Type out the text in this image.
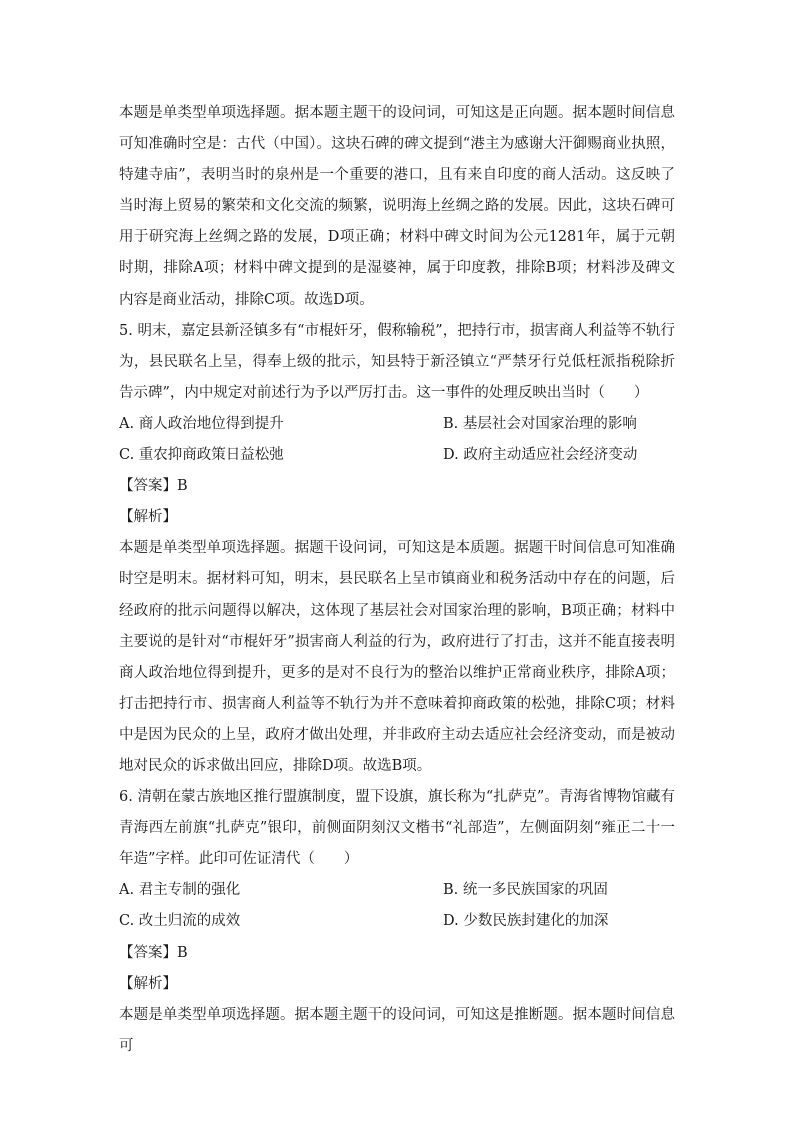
本题是单类型单项选择题。据本题主题干的设问词，可知这是正向题。据本题时间信息可知准确时空是：古代（中国）。这块石碑的碑文提到“港主为感谢大汗御赐商业执照，特建寺庙”，表明当时的泉州是一个重要的港口，且有来自印度的商人活动。这反映了当时海上贸易的繁荣和文化交流的频繁，说明海上丝绸之路的发展。因此，这块石碑可用于研究海上丝绸之路的发展，D项正确；材料中碑文时间为公元1281年，属于元朝时期，排除A项；材料中碑文提到的是湿婆神，属于印度教，排除B项；材料涉及碑文内容是商业活动，排除C项。故选D项。

5. 明末，嘉定县新泾镇多有“市棍奸牙，假称输税”，把持行市，损害商人利益等不轨行为，县民联名上呈，得奉上级的批示，知县特于新泾镇立“严禁牙行兑低枉派指税除折告示碑”，内中规定对前述行为予以严厉打击。这一事件的处理反映出当时（　　）

A. 商人政治地位得到提升	B. 基层社会对国家治理的影响
C. 重农抑商政策日益松弛	D. 政府主动适应社会经济变动

【答案】B

【解析】

本题是单类型单项选择题。据题干设问词，可知这是本质题。据题干时间信息可知准确时空是明末。据材料可知，明末，县民联名上呈市镇商业和税务活动中存在的问题，后经政府的批示问题得以解决，这体现了基层社会对国家治理的影响，B项正确；材料中主要说的是针对“市棍奸牙”损害商人利益的行为，政府进行了打击，这并不能直接表明商人政治地位得到提升，更多的是对不良行为的整治以维护正常商业秩序，排除A项；打击把持行市、损害商人利益等不轨行为并不意味着抑商政策的松弛，排除C项；材料中是因为民众的上呈，政府才做出处理，并非政府主动去适应社会经济变动，而是被动地对民众的诉求做出回应，排除D项。故选B项。

6. 清朝在蒙古族地区推行盟旗制度，盟下设旗，旗长称为“扎萨克”。青海省博物馆藏有青海西左前旗“扎萨克”银印，前侧面阴刻汉文楷书“礼部造”，左侧面阴刻“雍正二十一年造”字样。此印可佐证清代（　　）

A. 君主专制的强化	B. 统一多民族国家的巩固
C. 改土归流的成效	D. 少数民族封建化的加深

【答案】B

【解析】

本题是单类型单项选择题。据本题主题干的设问词，可知这是推断题。据本题时间信息可
